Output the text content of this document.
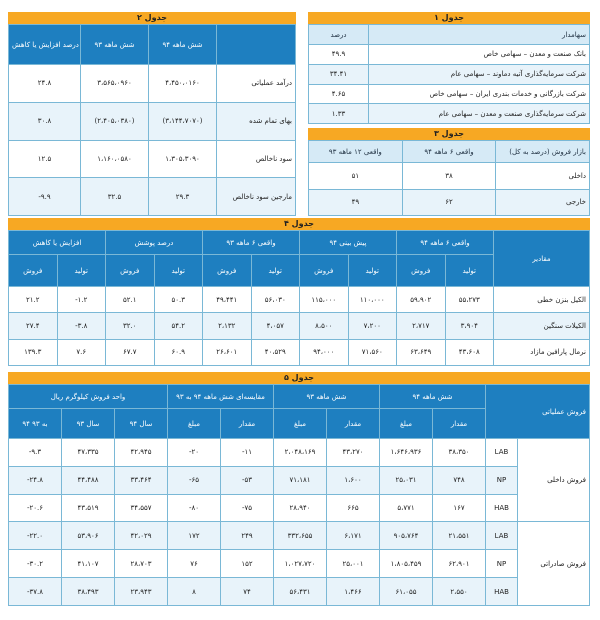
جدول ۱
درصد	سهامدار
۴۹.۹	بانک صنعت و معدن – سهامی خاص
۳۴.۴۱	شرکت سرمایه‌گذاری آتیه دماوند – سهامی عام
۴.۶۵	شرکت بازرگانی و خدمات بندری ایران – سهامی خاص
۱.۳۳	شرکت سرمایه‌گذاری صنعت و معدن – سهامی عام
جدول ۳
واقعی ۱۲ ماهه ۹۳	واقعی ۶ ماهه ۹۴	بازار فروش (درصد به کل)
۵۱	۳۸	داخلی
۴۹	۶۲	خارجی
جدول ۲
درصد افزایش یا کاهش	شش ماهه ۹۳	شش ماهه ۹۴	
۲۴.۸	۳،۵۶۵،۰۹۶۰	۴،۴۵۰،۰۱۶۰	درآمد عملیاتی
۳۰.۸	(۲،۴۰۵،۰۳۸۰)	(۳،۱۴۴،۷۰۷۰)	بهای تمام شده
۱۲.۵	۱،۱۶۰،۰۵۸۰	۱،۳۰۵،۳۰۹۰	سود ناخالص
-۹.۹	۳۲.۵	۲۹.۳	مارجین سود ناخالص
جدول ۴
افزایش یا کاهش		درصد پوشش		واقعی ۶ ماهه ۹۳		پیش بینی ۹۴		واقعی ۶ ماهه ۹۴		مقادیر
فروش	تولید	فروش	تولید	فروش	تولید	فروش	تولید	فروش	تولید	
۲۱.۲	-۱.۲	۵۲.۱	۵۰.۳	۴۹،۴۴۱	۵۶،۰۳۰	۱۱۵،۰۰۰	۱۱۰،۰۰۰	۵۹،۹۰۲	۵۵،۲۷۳	الکیل بنزن خطی
۲۷.۴	-۳.۸	۳۲.۰	۵۴.۲	۲،۱۳۲	۴،۰۵۷	۸،۵۰۰	۷،۲۰۰	۲،۷۱۷	۳،۹۰۴	الکیلات سنگین
۱۳۹.۳	۷.۶	۶۷.۷	۶۰.۹	۲۶،۶۰۱	۴۰،۵۲۹	۹۴،۰۰۰	۷۱،۵۶۰	۶۳،۶۴۹	۴۳،۶۰۸	نرمال پارافین مازاد
جدول ۵
واحد فروش کیلوگرم ریال			مقایسه‌ای شش ماهه ۹۴ به ۹۳		شش ماهه ۹۳		شش ماهه ۹۴		فروش عملیاتی	
۹۴ به ۹۳	سال ۹۳	سال ۹۴	مبلغ	مقدار	مبلغ	مقدار	مبلغ	مقدار		
-۹.۳	۴۷،۳۳۵	۴۲،۹۴۵	-۲۰	-۱۱	۲،۰۴۸،۱۶۹	۴۳،۲۷۰	۱،۶۴۶،۹۳۶	۳۸،۳۵۰	LAB	فروش داخلی
-۲۴.۸	۴۴،۴۸۸	۳۳،۴۶۴	-۶۵	-۵۳	۷۱،۱۸۱	۱،۶۰۰	۲۵،۰۳۱	۷۴۸	NP	
-۲۰.۶	۴۳،۵۱۹	۳۴،۵۵۷	-۸۰	-۷۵	۲۸،۹۴۰	۶۶۵	۵،۷۷۱	۱۶۷	HAB	
-۲۲.۰	۵۳،۹۰۶	۴۲،۰۲۹	۱۷۲	۲۴۹	۳۳۲،۶۵۵	۶،۱۷۱	۹۰۵،۷۶۴	۲۱،۵۵۱	LAB	فروش صادراتی
-۳۰.۲	۴۱،۱۰۷	۲۸،۷۰۳	۷۶	۱۵۲	۱،۰۲۷،۷۲۰	۲۵،۰۰۱	۱،۸۰۵،۴۵۹	۶۲،۹۰۱	NP	
-۳۷.۸	۳۸،۴۹۳	۲۳،۹۴۳	۸	۷۴	۵۶،۴۳۱	۱،۴۶۶	۶۱،۰۵۵	۲،۵۵۰	HAB	
